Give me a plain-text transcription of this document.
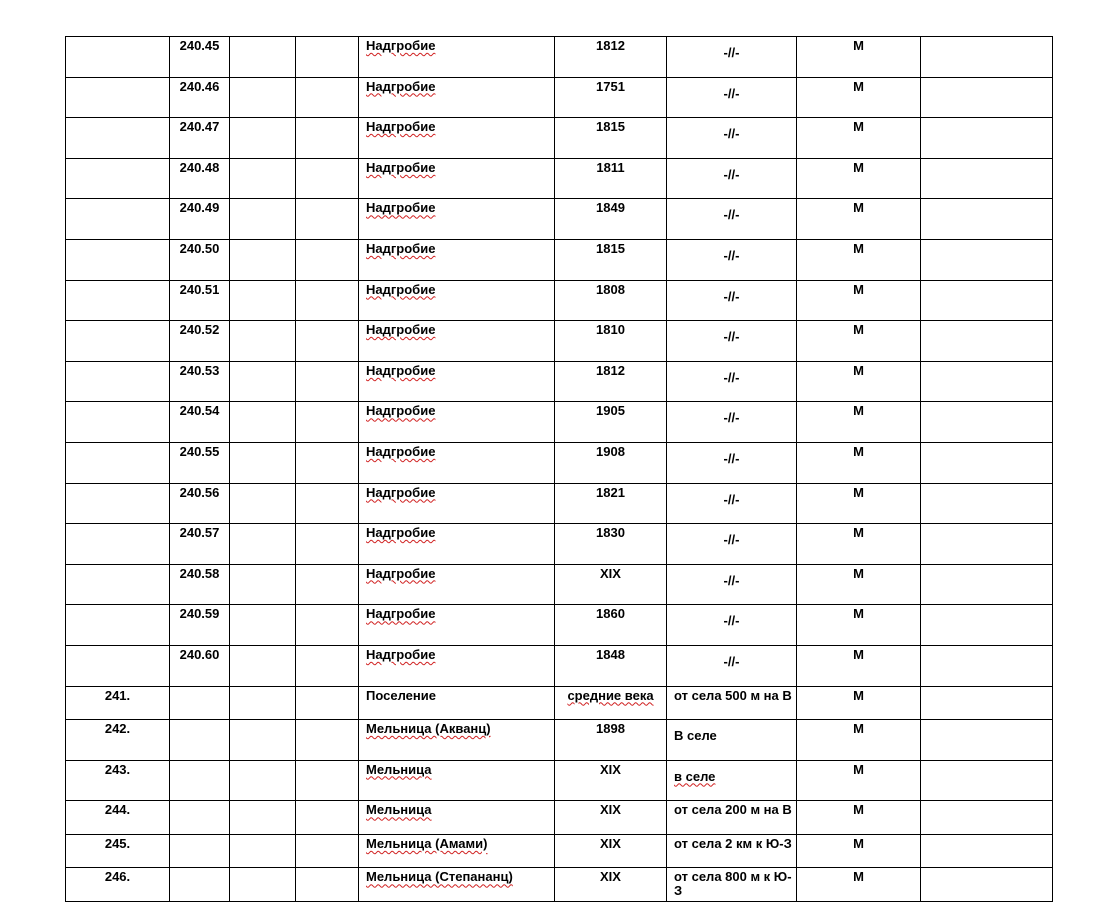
	240.45			Надгробие	1812	-//-	М	
	240.46			Надгробие	1751	-//-	М	
	240.47			Надгробие	1815	-//-	М	
	240.48			Надгробие	1811	-//-	М	
	240.49			Надгробие	1849	-//-	М	
	240.50			Надгробие	1815	-//-	М	
	240.51			Надгробие	1808	-//-	М	
	240.52			Надгробие	1810	-//-	М	
	240.53			Надгробие	1812	-//-	М	
	240.54			Надгробие	1905	-//-	М	
	240.55			Надгробие	1908	-//-	М	
	240.56			Надгробие	1821	-//-	М	
	240.57			Надгробие	1830	-//-	М	
	240.58			Надгробие	XIX	-//-	М	
	240.59			Надгробие	1860	-//-	М	
	240.60			Надгробие	1848	-//-	М	
241.				Поселение	средние века	от села 500 м на В	М	
242.				Мельница (Акванц)	1898	В селе	М	
243.				Мельница	XIX	в селе	М	
244.				Мельница	XIX	от села 200 м на В	М	
245.				Мельница (Амами)	XIX	от села 2 км к Ю-З	М	
246.				Мельница (Степананц)	XIX	от села 800 м к Ю-З	М	
